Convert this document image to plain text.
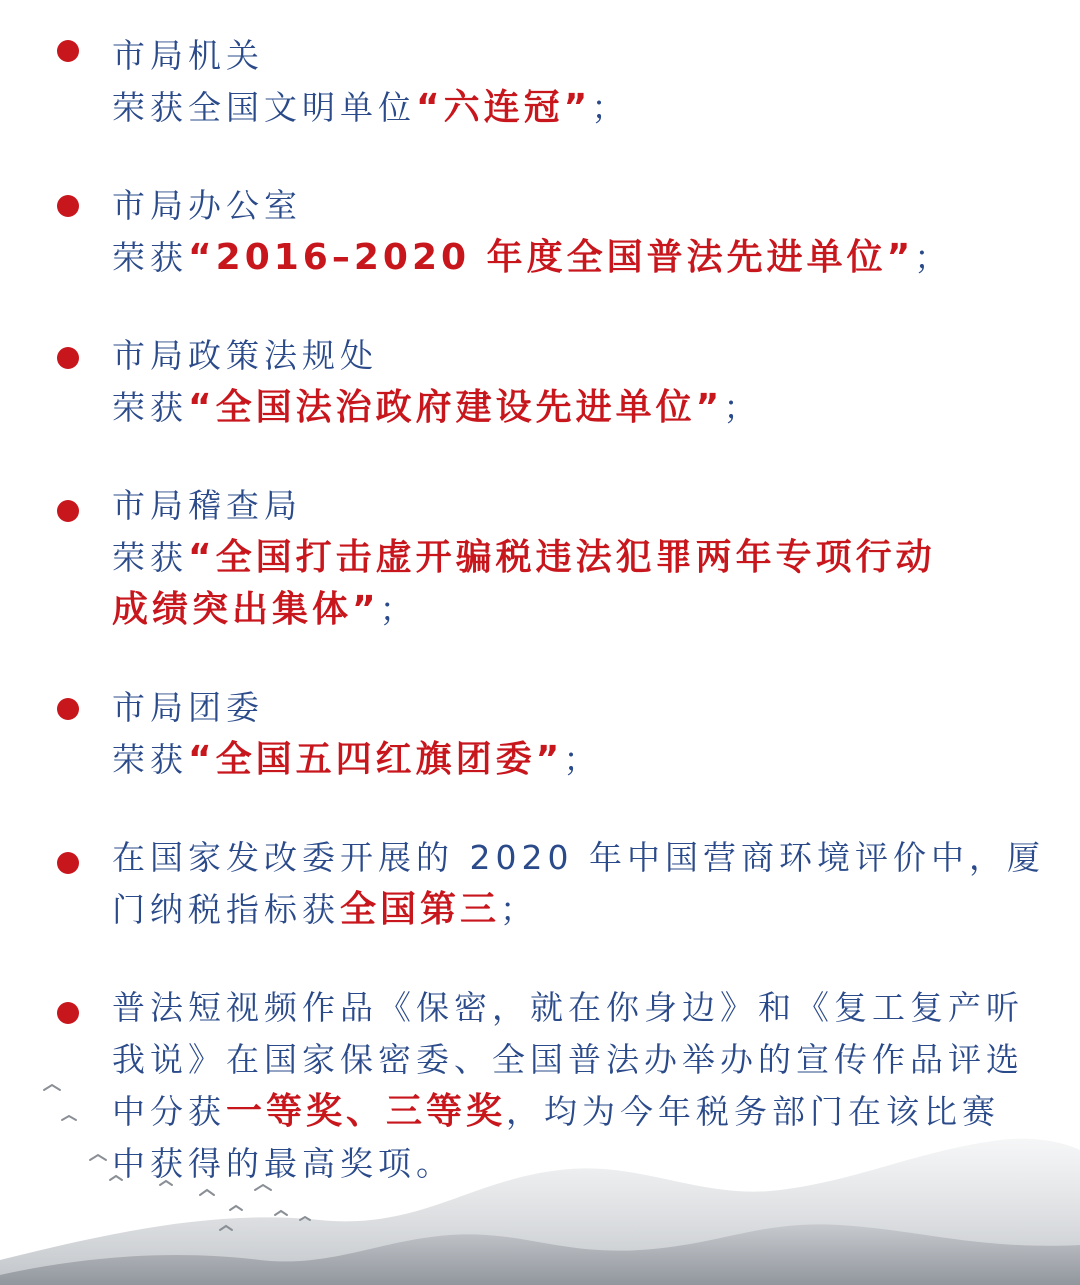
市局机关
荣获全国文明单位“六连冠”；
市局办公室
荣获“2016–2020 年度全国普法先进单位”；
市局政策法规处
荣获“全国法治政府建设先进单位”；
市局稽查局
荣获“全国打击虚开骗税违法犯罪两年专项行动
成绩突出集体”；
市局团委
荣获“全国五四红旗团委”；
在国家发改委开展的 2020 年中国营商环境评价中，厦
门纳税指标获全国第三；
普法短视频作品《保密，就在你身边》和《复工复产听
我说》在国家保密委、全国普法办举办的宣传作品评选
中分获一等奖、三等奖，均为今年税务部门在该比赛
中获得的最高奖项。
